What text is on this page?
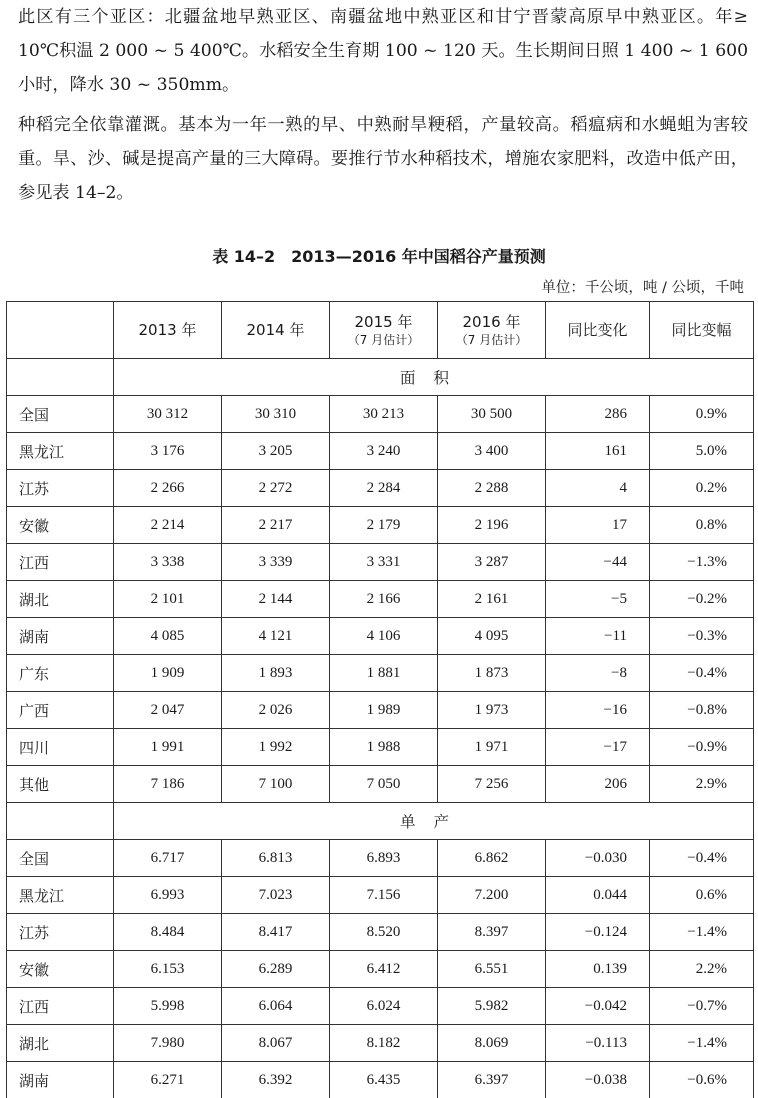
此区有三个亚区：北疆盆地早熟亚区、南疆盆地中熟亚区和甘宁晋蒙高原早中熟亚区。年≥ 10℃积温 2 000 ~ 5 400℃。水稻安全生育期 100 ~ 120 天。生长期间日照 1 400 ~ 1 600 小时，降水 30 ~ 350mm。

种稻完全依靠灌溉。基本为一年一熟的早、中熟耐旱粳稻，产量较高。稻瘟病和水蝇蛆为害较重。旱、沙、碱是提高产量的三大障碍。要推行节水种稻技术，增施农家肥料，改造中低产田，参见表 14–2。

表 14–2　2013—2016 年中国稻谷产量预测
单位：千公顷，吨 / 公顷，千吨

	2013 年	2014 年	2015 年
（7 月估计）	2016 年
（7 月估计）	同比变化	同比变幅

	面积					
全国	30 312	30 310	30 213	30 500	286	0.9%
黑龙江	3 176	3 205	3 240	3 400	161	5.0%
江苏	2 266	2 272	2 284	2 288	4	0.2%
安徽	2 214	2 217	2 179	2 196	17	0.8%
江西	3 338	3 339	3 331	3 287	−44	−1.3%
湖北	2 101	2 144	2 166	2 161	−5	−0.2%
湖南	4 085	4 121	4 106	4 095	−11	−0.3%
广东	1 909	1 893	1 881	1 873	−8	−0.4%
广西	2 047	2 026	1 989	1 973	−16	−0.8%
四川	1 991	1 992	1 988	1 971	−17	−0.9%
其他	7 186	7 100	7 050	7 256	206	2.9%
	单产					
全国	6.717	6.813	6.893	6.862	−0.030	−0.4%
黑龙江	6.993	7.023	7.156	7.200	0.044	0.6%
江苏	8.484	8.417	8.520	8.397	−0.124	−1.4%
安徽	6.153	6.289	6.412	6.551	0.139	2.2%
江西	5.998	6.064	6.024	5.982	−0.042	−0.7%
湖北	7.980	8.067	8.182	8.069	−0.113	−1.4%
湖南	6.271	6.392	6.435	6.397	−0.038	−0.6%
